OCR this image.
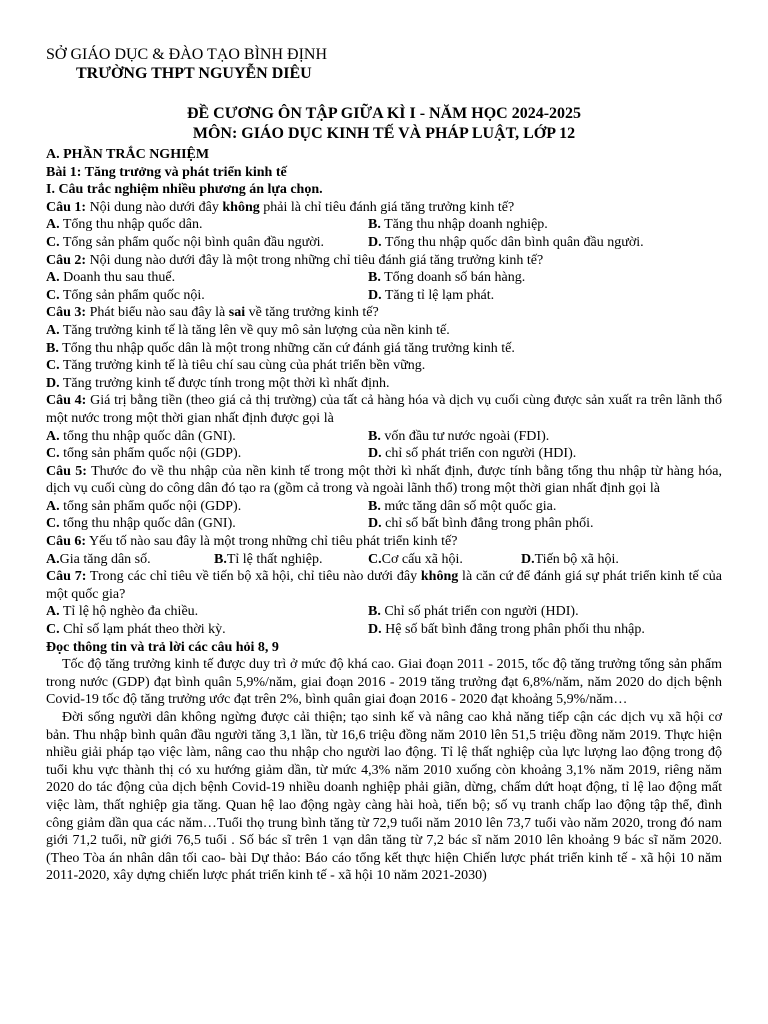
SỞ GIÁO DỤC & ĐÀO TẠO BÌNH ĐỊNH
TRƯỜNG THPT NGUYỄN DIÊU
ĐỀ CƯƠNG ÔN TẬP GIỮA KÌ I - NĂM HỌC 2024-2025
MÔN: GIÁO DỤC KINH TẾ VÀ PHÁP LUẬT, LỚP 12
A. PHẦN TRẮC NGHIỆM
Bài 1: Tăng trưởng và phát triển kinh tế
I. Câu trắc nghiệm nhiều phương án lựa chọn.
Câu 1: Nội dung nào dưới đây không phải là chỉ tiêu đánh giá tăng trưởng kinh tế?
A. Tổng thu nhập quốc dân.	B. Tăng thu nhập doanh nghiệp.
C. Tổng sản phẩm quốc nội bình quân đầu người.	D. Tổng thu nhập quốc dân bình quân đầu người.
Câu 2: Nội dung nào dưới đây là một trong những chỉ tiêu đánh giá tăng trưởng kinh tế?
A. Doanh thu sau thuế.	B. Tổng doanh số bán hàng.
C. Tổng sản phẩm quốc nội.	D. Tăng tỉ lệ lạm phát.
Câu 3: Phát biểu nào sau đây là sai về tăng trưởng kinh tế?
A. Tăng trưởng kinh tế là tăng lên về quy mô sản lượng của nền kinh tế.
B. Tổng thu nhập quốc dân là một trong những căn cứ đánh giá tăng trưởng kinh tế.
C. Tăng trưởng kinh tế là tiêu chí sau cùng của phát triển bền vững.
D. Tăng trưởng kinh tế được tính trong một thời kì nhất định.
Câu 4: Giá trị bằng tiền (theo giá cả thị trường) của tất cả hàng hóa và dịch vụ cuối cùng được sản xuất ra trên lãnh thổ một nước trong một thời gian nhất định được gọi là
A. tổng thu nhập quốc dân (GNI).	B. vốn đầu tư nước ngoài (FDI).
C. tổng sản phẩm quốc nội (GDP).	D. chỉ số phát triển con người (HDI).
Câu 5: Thước đo về thu nhập của nền kinh tế trong một thời kì nhất định, được tính bằng tổng thu nhập từ hàng hóa, dịch vụ cuối cùng do công dân đó tạo ra (gồm cả trong và ngoài lãnh thổ) trong một thời gian nhất định gọi là
A. tổng sản phẩm quốc nội (GDP).	B. mức tăng dân số một quốc gia.
C. tổng thu nhập quốc dân (GNI).	D. chỉ số bất bình đẳng trong phân phối.
Câu 6: Yếu tố nào sau đây là một trong những chỉ tiêu phát triển kinh tế?
A. Gia tăng dân số.	B. Tỉ lệ thất nghiệp.	C. Cơ cấu xã hội.	D. Tiến bộ xã hội.
Câu 7: Trong các chỉ tiêu về tiến bộ xã hội, chỉ tiêu nào dưới đây không là căn cứ để đánh giá sự phát triển kinh tế của một quốc gia?
A. Tỉ lệ hộ nghèo đa chiều.	B. Chỉ số phát triển con người (HDI).
C. Chỉ số lạm phát theo thời kỳ.	D. Hệ số bất bình đẳng trong phân phối thu nhập.
Đọc thông tin và trả lời các câu hỏi 8, 9
Tốc độ tăng trưởng kinh tế được duy trì ở mức độ khá cao. Giai đoạn 2011 - 2015, tốc độ tăng trưởng tổng sản phẩm trong nước (GDP) đạt bình quân 5,9%/năm, giai đoạn 2016 - 2019 tăng trưởng đạt 6,8%/năm, năm 2020 do dịch bệnh Covid-19 tốc độ tăng trưởng ước đạt trên 2%, bình quân giai đoạn 2016 - 2020 đạt khoảng 5,9%/năm…
Đời sống người dân không ngừng được cải thiện; tạo sinh kế và nâng cao khả năng tiếp cận các dịch vụ xã hội cơ bản. Thu nhập bình quân đầu người tăng 3,1 lần, từ 16,6 triệu đồng năm 2010 lên 51,5 triệu đồng năm 2019. Thực hiện nhiều giải pháp tạo việc làm, nâng cao thu nhập cho người lao động. Tỉ lệ thất nghiệp của lực lượng lao động trong độ tuổi khu vực thành thị có xu hướng giảm dần, từ mức 4,3% năm 2010 xuống còn khoảng 3,1% năm 2019, riêng năm 2020 do tác động của dịch bệnh Covid-19 nhiều doanh nghiệp phải giãn, dừng, chấm dứt hoạt động, tỉ lệ lao động mất việc làm, thất nghiệp gia tăng. Quan hệ lao động ngày càng hài hoà, tiến bộ; số vụ tranh chấp lao động tập thể, đình công giảm dần qua các năm…Tuổi thọ trung bình tăng từ 72,9 tuổi năm 2010 lên 73,7 tuổi vào năm 2020, trong đó nam giới 71,2 tuổi, nữ giới 76,5 tuổi . Số bác sĩ trên 1 vạn dân tăng từ 7,2 bác sĩ năm 2010 lên khoảng 9 bác sĩ năm 2020. (Theo Tòa án nhân dân tối cao- bài Dự thảo: Báo cáo tổng kết thực hiện Chiến lược phát triển kinh tế - xã hội 10 năm 2011-2020, xây dựng chiến lược phát triển kinh tế - xã hội 10 năm 2021-2030)
